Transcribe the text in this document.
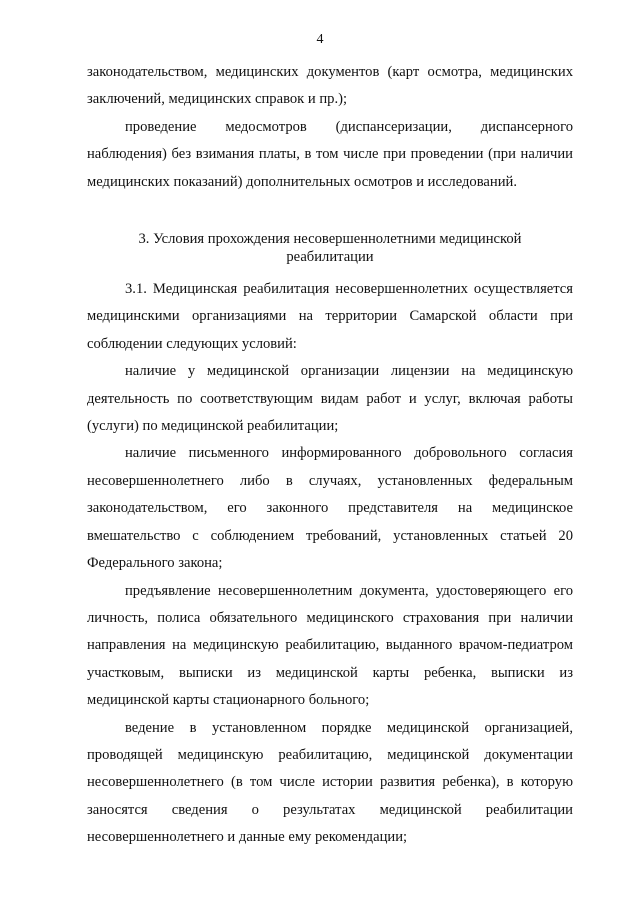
4

законодательством, медицинских документов (карт осмотра, медицинских заключений, медицинских справок и пр.);

проведение медосмотров (диспансеризации, диспансерного наблюдения) без взимания платы, в том числе при проведении (при наличии медицинских показаний) дополнительных осмотров и исследований.

3. Условия прохождения несовершеннолетними медицинской
реабилитации

3.1. Медицинская реабилитация несовершеннолетних осуществляется медицинскими организациями на территории Самарской области при соблюдении следующих условий:

наличие у медицинской организации лицензии на медицинскую деятельность по соответствующим видам работ и услуг, включая работы (услуги) по медицинской реабилитации;

наличие письменного информированного добровольного согласия несовершеннолетнего либо в случаях, установленных федеральным законодательством, его законного представителя на медицинское вмешательство с соблюдением требований, установленных статьей 20 Федерального закона;

предъявление несовершеннолетним документа, удостоверяющего его личность, полиса обязательного медицинского страхования при наличии направления на медицинскую реабилитацию, выданного врачом-педиатром участковым, выписки из медицинской карты ребенка, выписки из медицинской карты стационарного больного;

ведение в установленном порядке медицинской организацией, проводящей медицинскую реабилитацию, медицинской документации несовершеннолетнего (в том числе истории развития ребенка), в которую заносятся сведения о результатах медицинской реабилитации несовершеннолетнего и данные ему рекомендации;
